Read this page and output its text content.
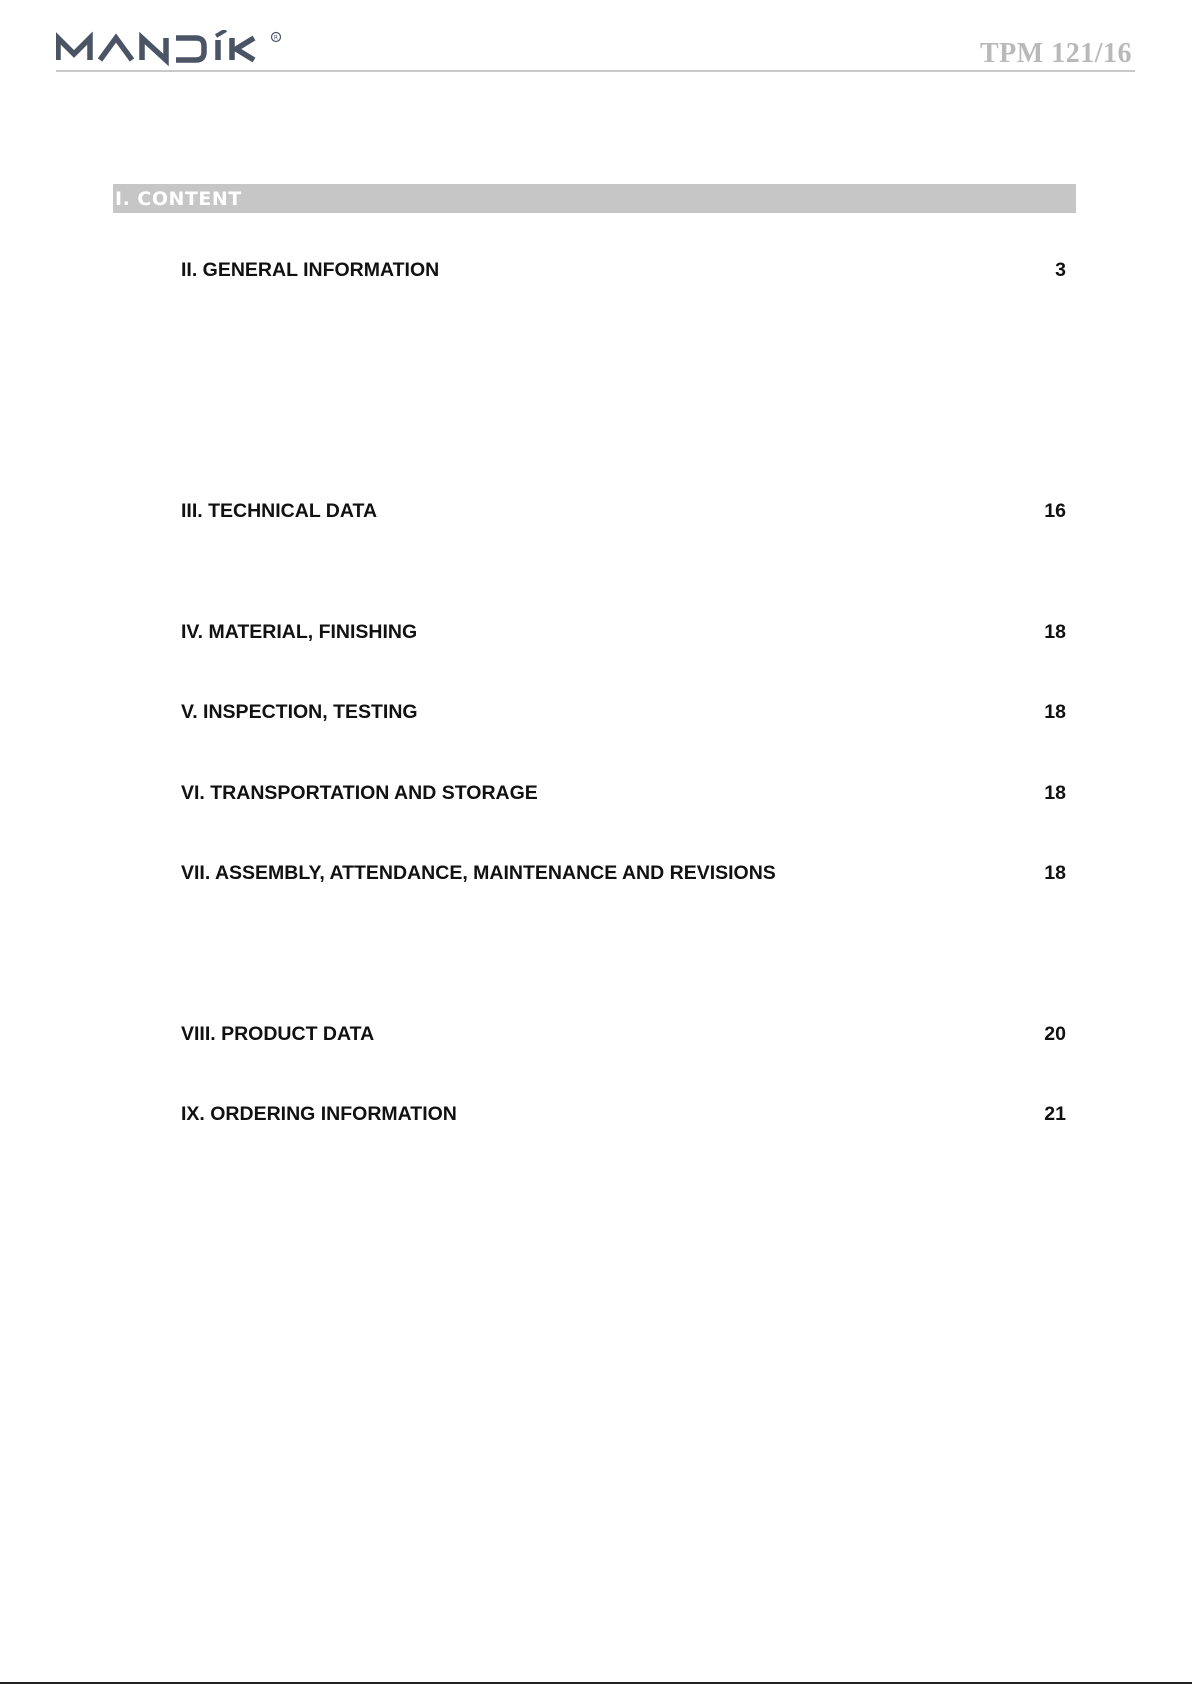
R	TPM 121/16
I. CONTENT
II. GENERAL INFORMATION	3
III. TECHNICAL DATA	16
IV. MATERIAL, FINISHING	18
V. INSPECTION, TESTING	18
VI. TRANSPORTATION AND STORAGE	18
VII. ASSEMBLY, ATTENDANCE, MAINTENANCE AND REVISIONS	18
VIII. PRODUCT DATA	20
IX. ORDERING INFORMATION	21
